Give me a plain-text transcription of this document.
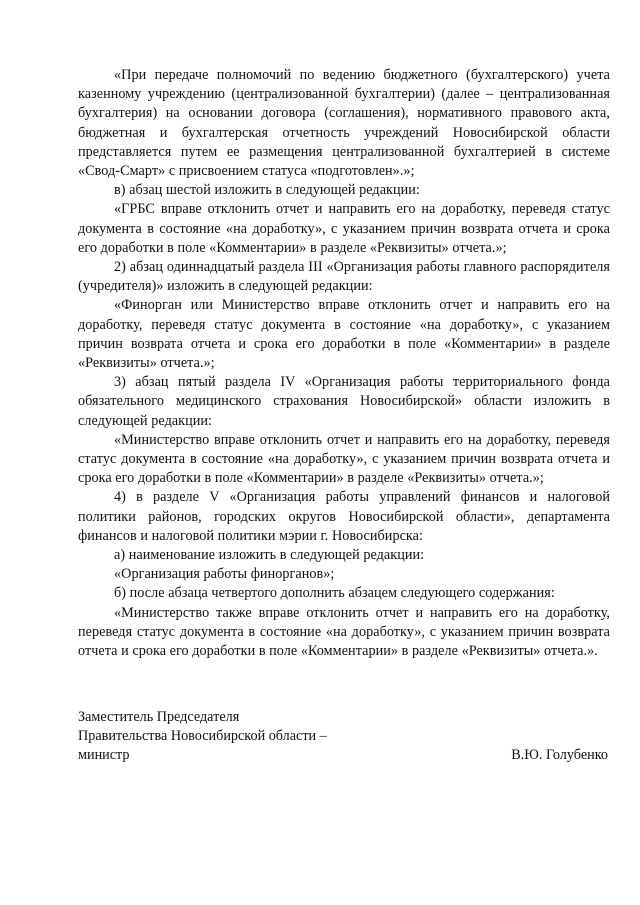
«При передаче полномочий по ведению бюджетного (бухгалтерского) учета казенному учреждению (централизованной бухгалтерии) (далее – централизованная бухгалтерия) на основании договора (соглашения), нормативного правового акта, бюджетная и бухгалтерская отчетность учреждений Новосибирской области представляется путем ее размещения централизованной бухгалтерией в системе «Свод-Смарт» с присвоением статуса «подготовлен».»;

в) абзац шестой изложить в следующей редакции:

«ГРБС вправе отклонить отчет и направить его на доработку, переведя статус документа в состояние «на доработку», с указанием причин возврата отчета и срока его доработки в поле «Комментарии» в разделе «Реквизиты» отчета.»;

2) абзац одиннадцатый раздела III «Организация работы главного распорядителя (учредителя)» изложить в следующей редакции:

«Финорган или Министерство вправе отклонить отчет и направить его на доработку, переведя статус документа в состояние «на доработку», с указанием причин возврата отчета и срока его доработки в поле «Комментарии» в разделе «Реквизиты» отчета.»;

3) абзац пятый раздела IV «Организация работы территориального фонда обязательного медицинского страхования Новосибирской» области изложить в следующей редакции:

«Министерство вправе отклонить отчет и направить его на доработку, переведя статус документа в состояние «на доработку», с указанием причин возврата отчета и срока его доработки в поле «Комментарии» в разделе «Реквизиты» отчета.»;

4) в разделе V «Организация работы управлений финансов и налоговой политики районов, городских округов Новосибирской области», департамента финансов и налоговой политики мэрии г. Новосибирска:

а) наименование изложить в следующей редакции:

«Организация работы финорганов»;

б) после абзаца четвертого дополнить абзацем следующего содержания:

«Министерство также вправе отклонить отчет и направить его на доработку, переведя статус документа в состояние «на доработку», с указанием причин возврата отчета и срока его доработки в поле «Комментарии» в разделе «Реквизиты» отчета.».

Заместитель Председателя
Правительства Новосибирской области –
министр	В.Ю. Голубенко
